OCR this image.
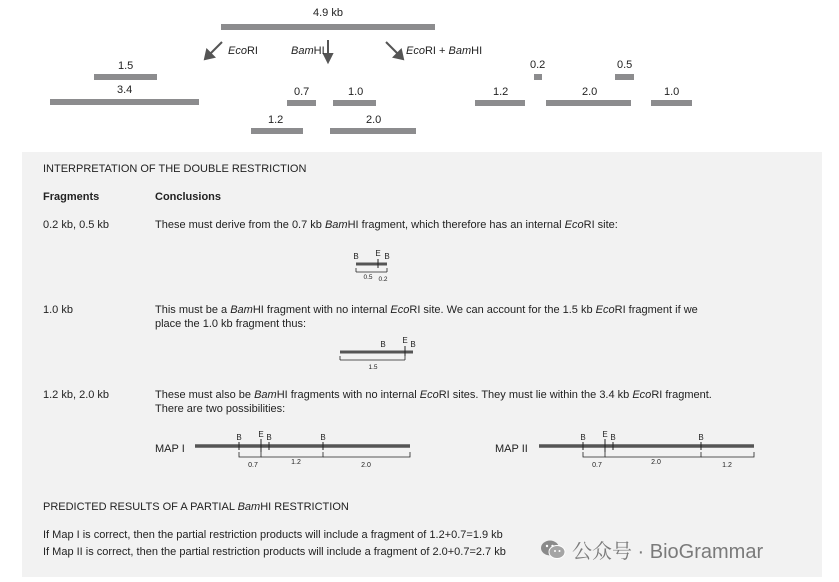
4.9 kb
EcoRI	BamHI	EcoRI + BamHI
1.5
3.4	0.7	1.0
1.2	2.0
0.2	0.5
1.2	2.0	1.0
INTERPRETATION OF THE DOUBLE RESTRICTION
Fragments	Conclusions
0.2 kb, 0.5 kb	These must derive from the 0.7 kb BamHI fragment, which therefore has an internal EcoRI site:
B E B
0.5 0.2
1.0 kb	This must be a BamHI fragment with no internal EcoRI site. We can account for the 1.5 kb EcoRI fragment if we
place the 1.0 kb fragment thus:
B E B
1.5
1.2 kb, 2.0 kb	These must also be BamHI fragments with no internal EcoRI sites. They must lie within the 3.4 kb EcoRI fragment.
There are two possibilities:
MAP I
B E B	B
0.7	1.2	2.0
MAP II
B E B	B
0.7	2.0	1.2
PREDICTED RESULTS OF A PARTIAL BamHI RESTRICTION
If Map I is correct, then the partial restriction products will include a fragment of 1.2+0.7=1.9 kb
If Map II is correct, then the partial restriction products will include a fragment of 2.0+0.7=2.7 kb	公众号 · BioGrammar
